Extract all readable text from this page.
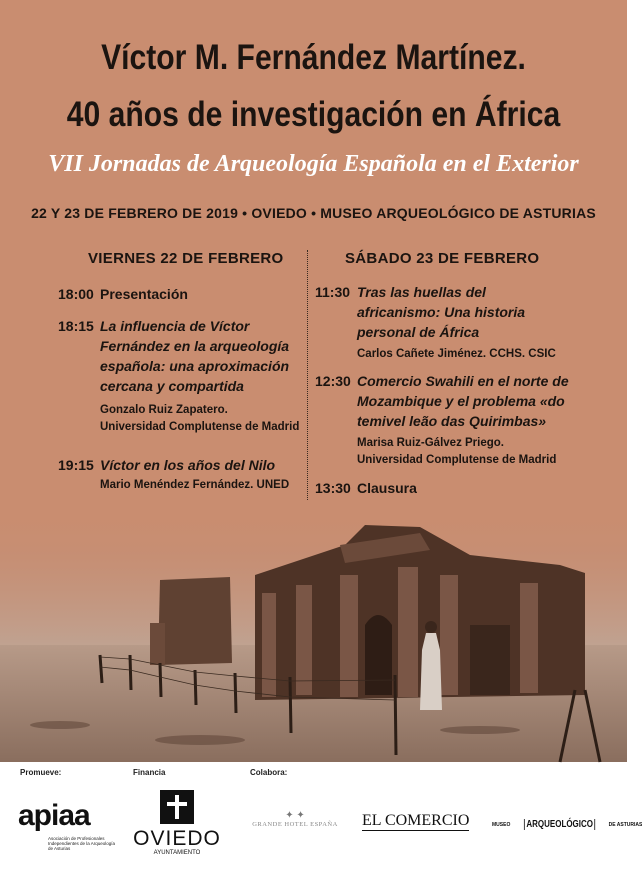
Víctor M. Fernández Martínez.
40 años de investigación en África
VII Jornadas de Arqueología Española en el Exterior
22 Y 23 DE FEBRERO DE 2019 • OVIEDO • MUSEO ARQUEOLÓGICO DE ASTURIAS
VIERNES 22 DE FEBRERO
18:00 Presentación
18:15 La influencia de Víctor
Fernández en la arqueología
española: una aproximación
cercana y compartida
Gonzalo Ruiz Zapatero.
Universidad Complutense de Madrid
19:15 Víctor en los años del Nilo
Mario Menéndez Fernández. UNED
SÁBADO 23 DE FEBRERO
11:30 Tras las huellas del
africanismo: Una historia
personal de África
Carlos Cañete Jiménez. CCHS. CSIC
12:30 Comercio Swahili en el norte de
Mozambique y el problema «do
temivel leão das Quirimbas»
Marisa Ruiz-Gálvez Priego.
Universidad Complutense de Madrid
13:30 Clausura
Promueve:	Financia	Colabora:
apiaa
Asociación de Profesionales
Independientes de la Arqueología
de Asturias	OVIEDO
AYUNTAMIENTO
✦ ✦
GRANDE HOTEL ESPAÑA EL COMERCIO	MUSEO ARQUEOLÓGICO	DE ASTURIAS
